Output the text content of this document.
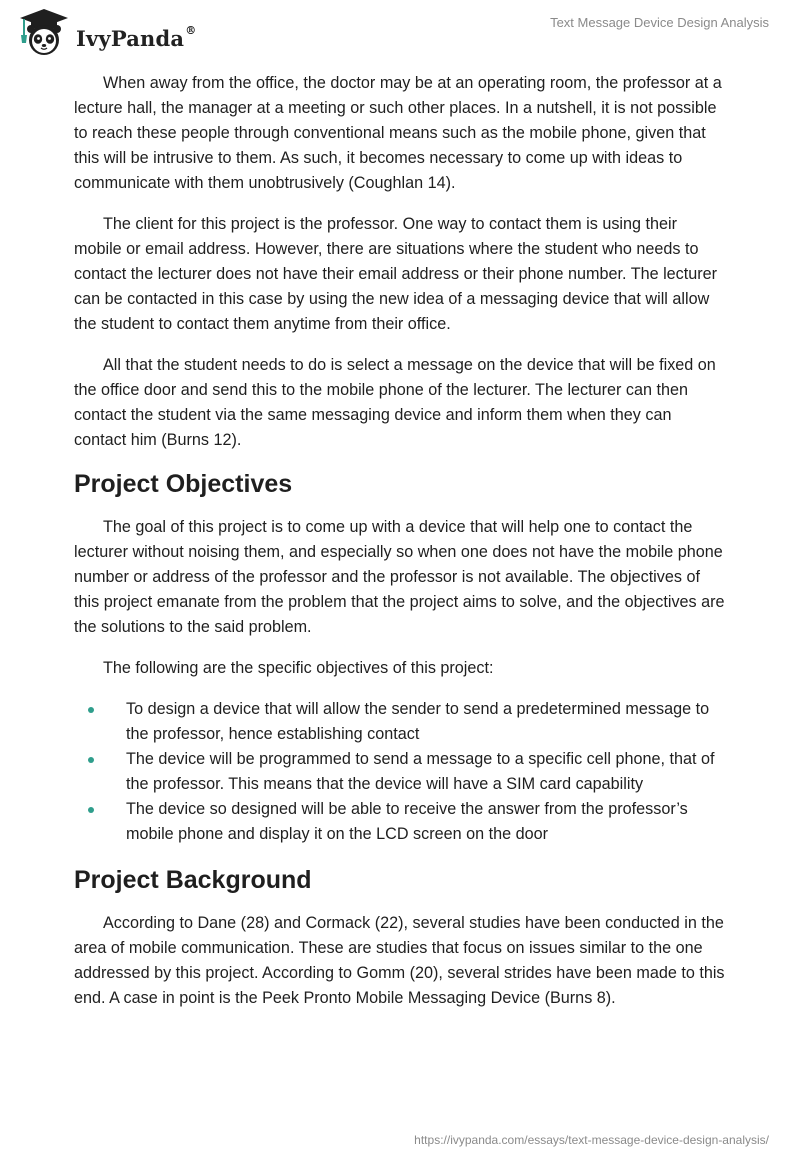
IvyPanda®
Text Message Device Design Analysis

When away from the office, the doctor may be at an operating room, the professor at a lecture hall, the manager at a meeting or such other places. In a nutshell, it is not possible to reach these people through conventional means such as the mobile phone, given that this will be intrusive to them. As such, it becomes necessary to come up with ideas to communicate with them unobtrusively (Coughlan 14).

The client for this project is the professor. One way to contact them is using their mobile or email address. However, there are situations where the student who needs to contact the lecturer does not have their email address or their phone number. The lecturer can be contacted in this case by using the new idea of a messaging device that will allow the student to contact them anytime from their office.

All that the student needs to do is select a message on the device that will be fixed on the office door and send this to the mobile phone of the lecturer. The lecturer can then contact the student via the same messaging device and inform them when they can contact him (Burns 12).

Project Objectives

The goal of this project is to come up with a device that will help one to contact the lecturer without noising them, and especially so when one does not have the mobile phone number or address of the professor and the professor is not available. The objectives of this project emanate from the problem that the project aims to solve, and the objectives are the solutions to the said problem.

The following are the specific objectives of this project:

To design a device that will allow the sender to send a predetermined message to the professor, hence establishing contact
The device will be programmed to send a message to a specific cell phone, that of the professor. This means that the device will have a SIM card capability
The device so designed will be able to receive the answer from the professor’s mobile phone and display it on the LCD screen on the door
Project Background

According to Dane (28) and Cormack (22), several studies have been conducted in the area of mobile communication. These are studies that focus on issues similar to the one addressed by this project. According to Gomm (20), several strides have been made to this end. A case in point is the Peek Pronto Mobile Messaging Device (Burns 8).

https://ivypanda.com/essays/text-message-device-design-analysis/
